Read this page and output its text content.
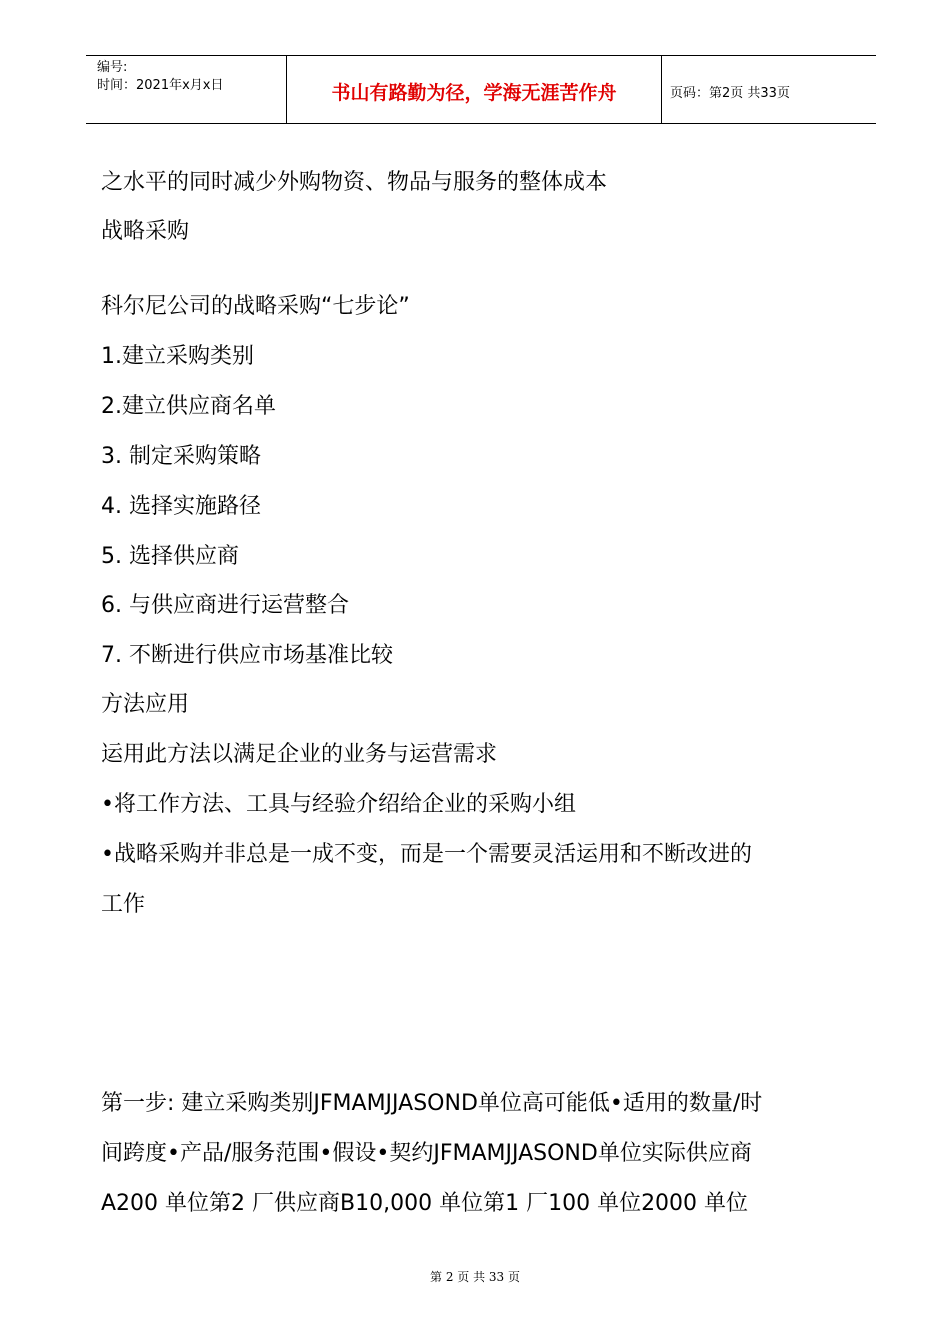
编号:
时间：2021年x月x日	书山有路勤为径，学海无涯苦作舟	页码：第2页 共33页
之水平的同时减少外购物资、物品与服务的整体成本
战略采购
科尔尼公司的战略采购“七步论”
1.建立采购类别
2.建立供应商名单
3. 制定采购策略
4. 选择实施路径
5. 选择供应商
6. 与供应商进行运营整合
7. 不断进行供应市场基准比较
方法应用
运用此方法以满足企业的业务与运营需求
•将工作方法、工具与经验介绍给企业的采购小组
•战略采购并非总是一成不变，而是一个需要灵活运用和不断改进的
工作
第一步: 建立采购类别JFMAMJJASOND单位高可能低•适用的数量/时
间跨度•产品/服务范围•假设•契约JFMAMJJASOND单位实际供应商
A200 单位第2 厂供应商B10,000 单位第1 厂100 单位2000 单位
第 2 页 共 33 页
